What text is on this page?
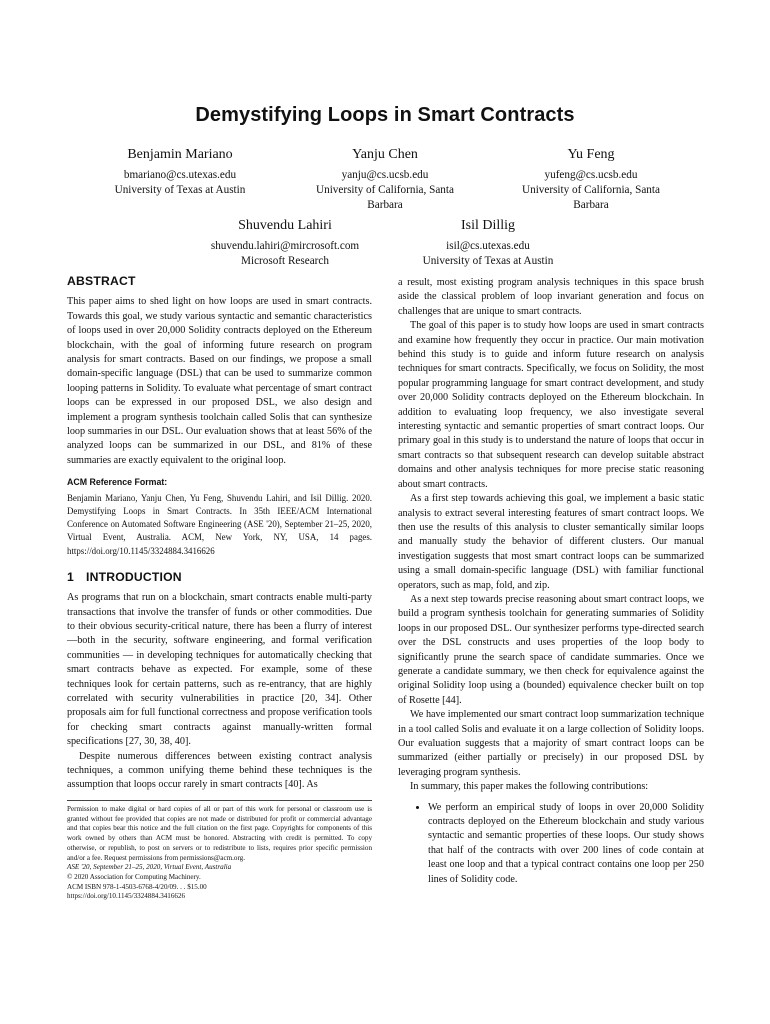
Demystifying Loops in Smart Contracts
Benjamin Mariano
bmariano@cs.utexas.edu
University of Texas at Austin
Yanju Chen
yanju@cs.ucsb.edu
University of California, Santa Barbara
Yu Feng
yufeng@cs.ucsb.edu
University of California, Santa Barbara
Shuvendu Lahiri
shuvendu.lahiri@mircrosoft.com
Microsoft Research
Isil Dillig
isil@cs.utexas.edu
University of Texas at Austin
ABSTRACT

This paper aims to shed light on how loops are used in smart contracts. Towards this goal, we study various syntactic and semantic characteristics of loops used in over 20,000 Solidity contracts deployed on the Ethereum blockchain, with the goal of informing future research on program analysis for smart contracts. Based on our findings, we propose a small domain-specific language (DSL) that can be used to summarize common looping patterns in Solidity. To evaluate what percentage of smart contract loops can be expressed in our proposed DSL, we also design and implement a program synthesis toolchain called Solis that can synthesize loop summaries in our DSL. Our evaluation shows that at least 56% of the analyzed loops can be summarized in our DSL, and 81% of these summaries are exactly equivalent to the original loop.

ACM Reference Format:
Benjamin Mariano, Yanju Chen, Yu Feng, Shuvendu Lahiri, and Isil Dillig. 2020. Demystifying Loops in Smart Contracts. In 35th IEEE/ACM International Conference on Automated Software Engineering (ASE '20), September 21–25, 2020, Virtual Event, Australia. ACM, New York, NY, USA, 14 pages. https://doi.org/10.1145/3324884.3416626
1 INTRODUCTION

As programs that run on a blockchain, smart contracts enable multi-party transactions that involve the transfer of funds or other commodities. Due to their obvious security-critical nature, there has been a flurry of interest —both in the security, software engineering, and formal verification communities — in developing techniques for automatically checking that smart contracts behave as expected. For example, some of these techniques look for certain patterns, such as re-entrancy, that are highly correlated with security vulnerabilities in practice [20, 34]. Other proposals aim for full functional correctness and propose verification tools for checking smart contracts against manually-written formal specifications [27, 30, 38, 40].

Despite numerous differences between existing contract analysis techniques, a common unifying theme behind these techniques is the assumption that loops occur rarely in smart contracts [40]. As

Permission to make digital or hard copies of all or part of this work for personal or classroom use is granted without fee provided that copies are not made or distributed for profit or commercial advantage and that copies bear this notice and the full citation on the first page. Copyrights for components of this work owned by others than ACM must be honored. Abstracting with credit is permitted. To copy otherwise, or republish, to post on servers or to redistribute to lists, requires prior specific permission and/or a fee. Request permissions from permissions@acm.org.
ASE '20, September 21–25, 2020, Virtual Event, Australia
© 2020 Association for Computing Machinery.
ACM ISBN 978-1-4503-6768-4/20/09. . . $15.00
https://doi.org/10.1145/3324884.3416626

a result, most existing program analysis techniques in this space brush aside the classical problem of loop invariant generation and focus on challenges that are unique to smart contracts.

The goal of this paper is to study how loops are used in smart contracts and examine how frequently they occur in practice. Our main motivation behind this study is to guide and inform future research on analysis techniques for smart contracts. Specifically, we focus on Solidity, the most popular programming language for smart contract development, and study over 20,000 Solidity contracts deployed on the Ethereum blockchain. In addition to evaluating loop frequency, we also investigate several interesting syntactic and semantic properties of smart contract loops. Our primary goal in this study is to understand the nature of loops that occur in smart contracts so that subsequent research can develop suitable abstract domains and other analysis techniques for more precise static reasoning about smart contracts.

As a first step towards achieving this goal, we implement a basic static analysis to extract several interesting features of smart contract loops. We then use the results of this analysis to cluster semantically similar loops and manually study the behavior of different clusters. Our manual investigation suggests that most smart contract loops can be summarized using a small domain-specific language (DSL) with familiar functional operators, such as map, fold, and zip.

As a next step towards precise reasoning about smart contract loops, we build a program synthesis toolchain for generating summaries of Solidity loops in our proposed DSL. Our synthesizer performs type-directed search over the DSL constructs and uses properties of the loop body to significantly prune the search space of candidate summaries. Once we generate a candidate summary, we then check for equivalence against the original Solidity loop using a (bounded) equivalence checker built on top of Rosette [44].

We have implemented our smart contract loop summarization technique in a tool called Solis and evaluate it on a large collection of Solidity loops. Our evaluation suggests that a majority of smart contract loops can be summarized (either partially or precisely) in our proposed DSL by leveraging program synthesis.

In summary, this paper makes the following contributions:

• We perform an empirical study of loops in over 20,000 Solidity contracts deployed on the Ethereum blockchain and study various syntactic and semantic properties of these loops. Our study shows that half of the contracts with over 200 lines of code contain at least one loop and that a typical contract contains one loop per 250 lines of Solidity code.
